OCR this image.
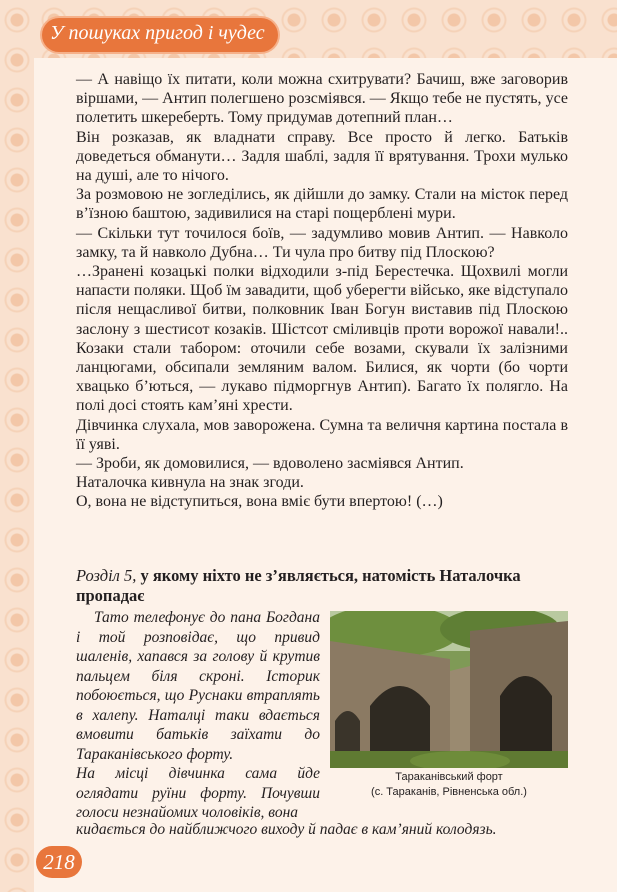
У пошуках пригод і чудес

— А навіщо їх питати, коли можна схитрувати? Бачиш, вже заговорив віршами, — Антип полегшено розсміявся. — Якщо тебе не пустять, усе полетить шкереберть. Тому придумав дотепний план…

Він розказав, як владнати справу. Все просто й легко. Батьків доведеться обманути… Задля шаблі, задля її врятування. Трохи мулько на душі, але то нічого.

За розмовою не зогледілись, як дійшли до замку. Стали на місток перед в’їзною баштою, задивилися на старі пощерблені мури.

— Скільки тут точилося боїв, — задумливо мовив Антип. — Навколо замку, та й навколо Дубна… Ти чула про битву під Плоскою?

…Зранені козацькі полки відходили з-під Берестечка. Щохвилі могли напасти поляки. Щоб їм завадити, щоб уберегти військо, яке відступало після нещасливої битви, полковник Іван Богун виставив під Плоскою заслону з шестисот козаків. Шістсот сміливців проти ворожої навали!.. Козаки стали табором: оточили себе возами, скували їх залізними ланцюгами, обсипали земляним валом. Билися, як чорти (бо чорти хвацько б’ються, — лукаво підморгнув Антип). Багато їх полягло. На полі досі стоять кам’яні хрести.

Дівчинка слухала, мов заворожена. Сумна та величня картина постала в її уяві.

— Зроби, як домовилися, — вдоволено засміявся Антип.

Наталочка кивнула на знак згоди.

О, вона не відступиться, вона вміє бути впертою! (…)

Розділ 5, у якому ніхто не з’являється, натомість Наталочка пропадає

Тато телефонує до пана Богдана і той розповідає, що привид шаленів, хапався за голову й крутив пальцем біля скроні. Історик побоюється, що Руснаки втраплять в халепу. Наталці таки вдається вмовити батьків заїхати до Тараканівського форту.

На місці дівчинка сама йде оглядати руїни форту. Почувши голоси незнайомих чоловіків, вона

кидається до найближчого виходу й падає в кам’яний колодязь.
Тараканівський форт
(с. Тараканів, Рівненська обл.)
218
